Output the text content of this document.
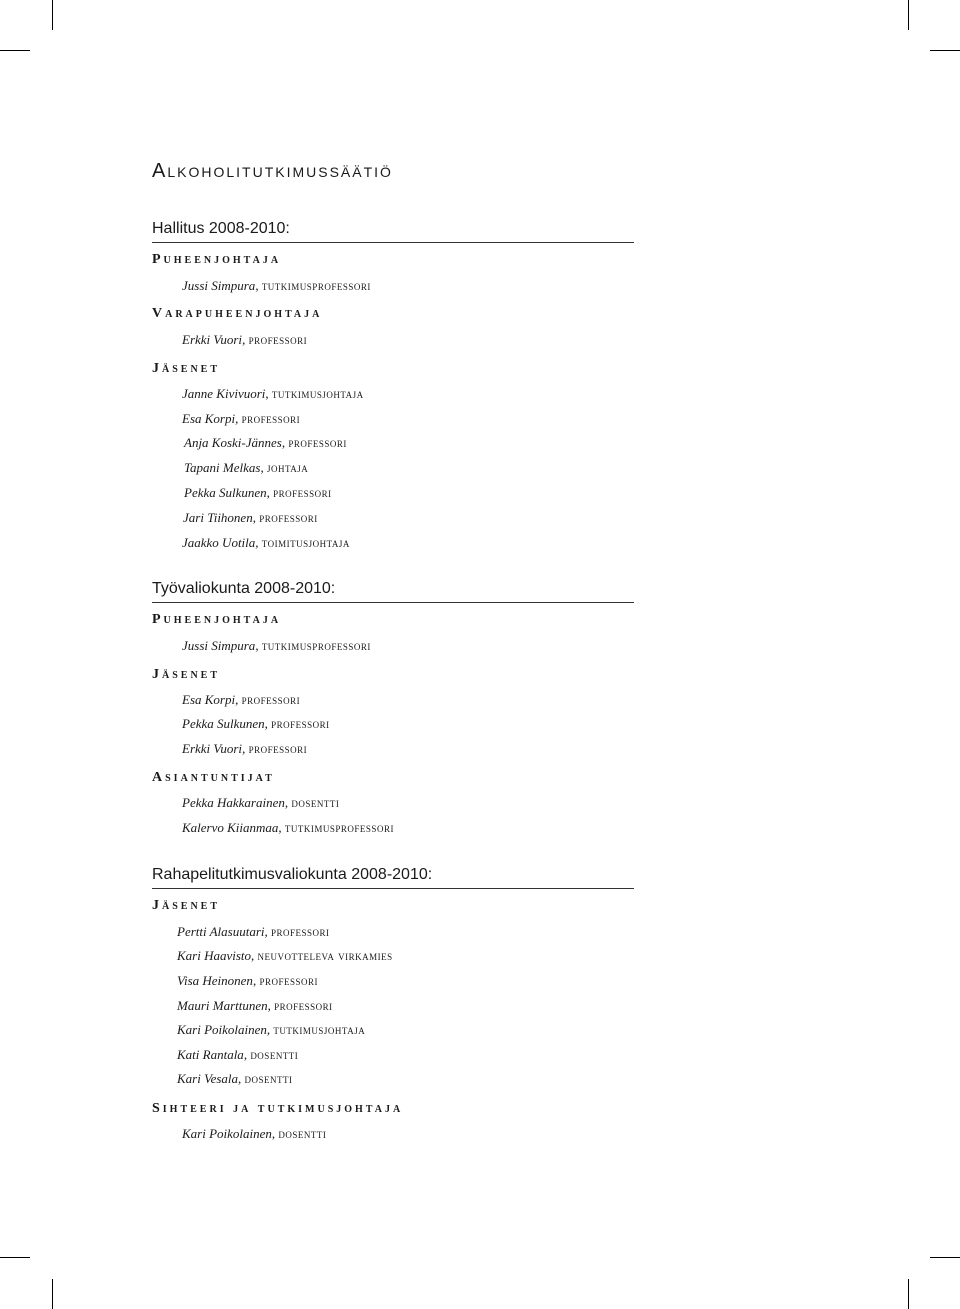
Alkoholitutkimussäätiö
Hallitus 2008-2010:
Puheenjohtaja
Jussi Simpura, tutkimusprofessori
Varapuheenjohtaja
Erkki Vuori, professori
Jäsenet
Janne Kivivuori, tutkimusjohtaja
Esa Korpi, professori
Anja Koski-Jännes, professori
Tapani Melkas, johtaja
Pekka Sulkunen, professori
Jari Tiihonen, professori
Jaakko Uotila, toimitusjohtaja
Työvaliokunta 2008-2010:
Puheenjohtaja
Jussi Simpura, tutkimusprofessori
Jäsenet
Esa Korpi, professori
Pekka Sulkunen, professori
Erkki Vuori, professori
Asiantuntijat
Pekka Hakkarainen, dosentti
Kalervo Kiianmaa, tutkimusprofessori
Rahapelitutkimusvaliokunta 2008-2010:
Jäsenet
Pertti Alasuutari, professori
Kari Haavisto, neuvotteleva virkamies
Visa Heinonen, professori
Mauri Marttunen, professori
Kari Poikolainen, tutkimusjohtaja
Kati Rantala, dosentti
Kari Vesala, dosentti
Sihteeri ja tutkimusjohtaja
Kari Poikolainen, dosentti
